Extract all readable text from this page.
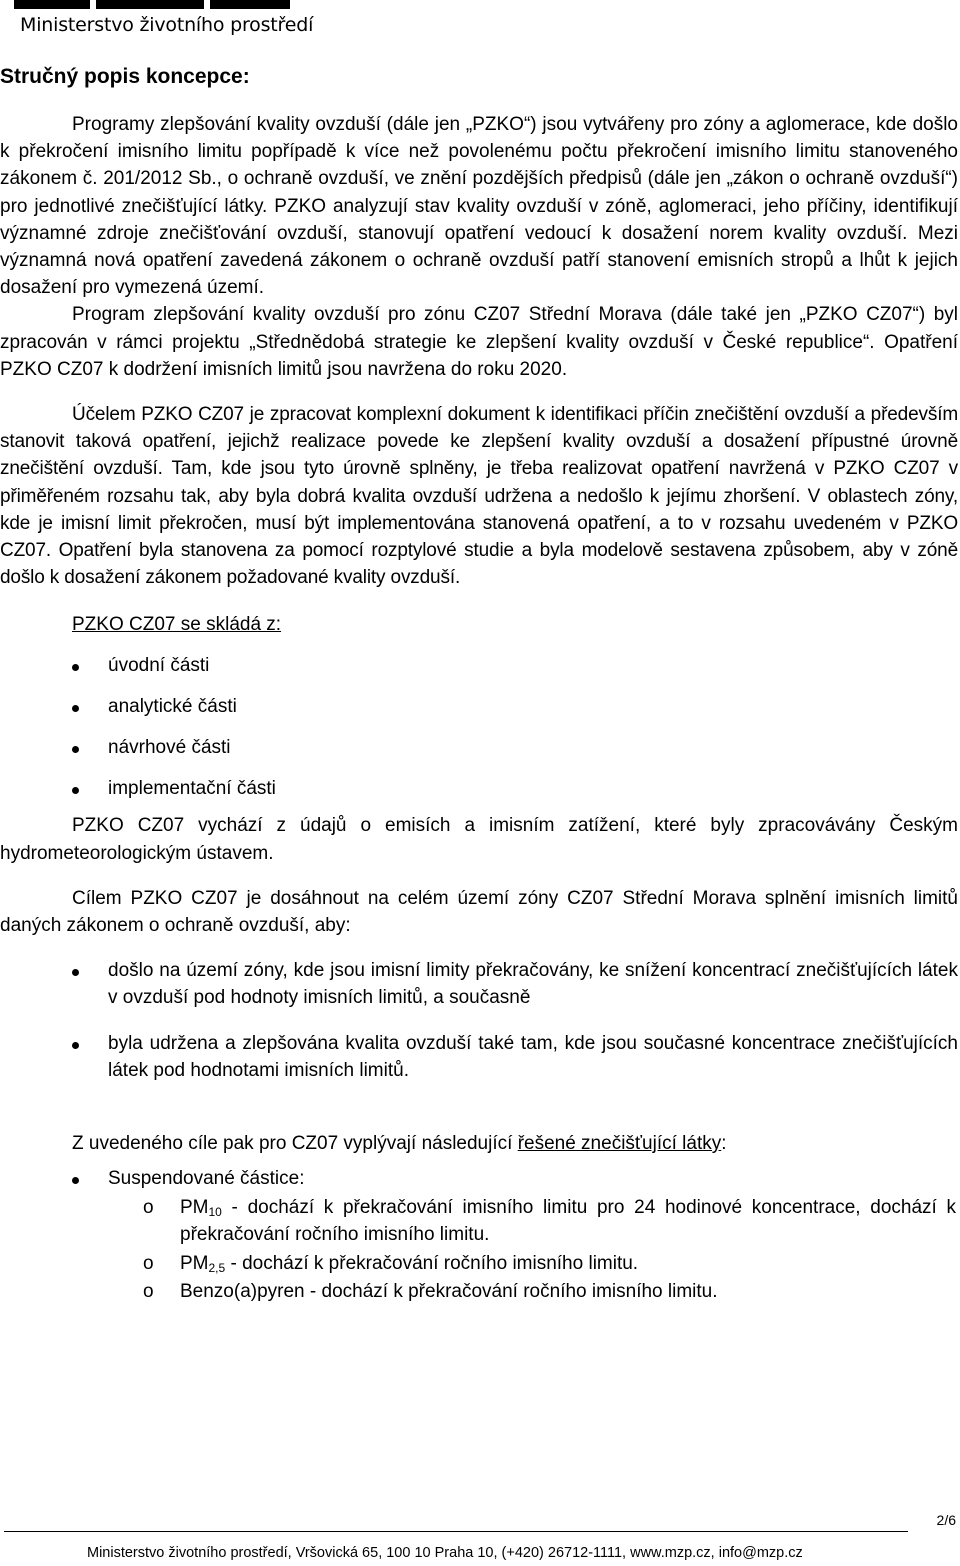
Ministerstvo životního prostředí
Stručný popis koncepce:

Programy zlepšování kvality ovzduší (dále jen „PZKO“) jsou vytvářeny pro zóny a aglomerace, kde došlo k překročení imisního limitu popřípadě k více než povolenému počtu překročení imisního limitu stanoveného zákonem č. 201/2012 Sb., o ochraně ovzduší, ve znění pozdějších předpisů (dále jen „zákon o ochraně ovzduší“) pro jednotlivé znečišťující látky. PZKO analyzují stav kvality ovzduší v zóně, aglomeraci, jeho příčiny, identifikují významné zdroje znečišťování ovzduší, stanovují opatření vedoucí k dosažení norem kvality ovzduší. Mezi významná nová opatření zavedená zákonem o ochraně ovzduší patří stanovení emisních stropů a lhůt k jejich dosažení pro vymezená území.

Program zlepšování kvality ovzduší pro zónu CZ07 Střední Morava (dále také jen „PZKO CZ07“) byl zpracován v rámci projektu „Střednědobá strategie ke zlepšení kvality ovzduší v České republice“. Opatření PZKO CZ07 k dodržení imisních limitů jsou navržena do roku 2020.

Účelem PZKO CZ07 je zpracovat komplexní dokument k identifikaci příčin znečištění ovzduší a především stanovit taková opatření, jejichž realizace povede ke zlepšení kvality ovzduší a dosažení přípustné úrovně znečištění ovzduší. Tam, kde jsou tyto úrovně splněny, je třeba realizovat opatření navržená v PZKO CZ07 v přiměřeném rozsahu tak, aby byla dobrá kvalita ovzduší udržena a nedošlo k jejímu zhoršení. V oblastech zóny, kde je imisní limit překročen, musí být implementována stanovená opatření, a to v rozsahu uvedeném v PZKO CZ07. Opatření byla stanovena za pomocí rozptylové studie a byla modelově sestavena způsobem, aby v zóně došlo k dosažení zákonem požadované kvality ovzduší.

PZKO CZ07 se skládá z:
úvodní části
analytické části
návrhové části
implementační části

PZKO CZ07 vychází z údajů o emisích a imisním zatížení, které byly zpracovávány Českým hydrometeorologickým ústavem.

Cílem PZKO CZ07 je dosáhnout na celém území zóny CZ07 Střední Morava splnění imisních limitů daných zákonem o ochraně ovzduší, aby:

došlo na území zóny, kde jsou imisní limity překračovány, ke snížení koncentrací znečišťujících látek v ovzduší pod hodnoty imisních limitů, a současně
byla udržena a zlepšována kvalita ovzduší také tam, kde jsou současné koncentrace znečišťujících látek pod hodnotami imisních limitů.

Z uvedeného cíle pak pro CZ07 vyplývají následující řešené znečišťující látky:

Suspendované částice:
o $PM_{10}$ - dochází k překračování imisního limitu pro 24 hodinové koncentrace, dochází k překračování ročního imisního limitu.
o $PM_{2,5}$ - dochází k překračování ročního imisního limitu.
o Benzo(a)pyren - dochází k překračování ročního imisního limitu.
2/6
Ministerstvo životního prostředí, Vršovická 65, 100 10 Praha 10, (+420) 26712-1111, www.mzp.cz, info@mzp.cz
